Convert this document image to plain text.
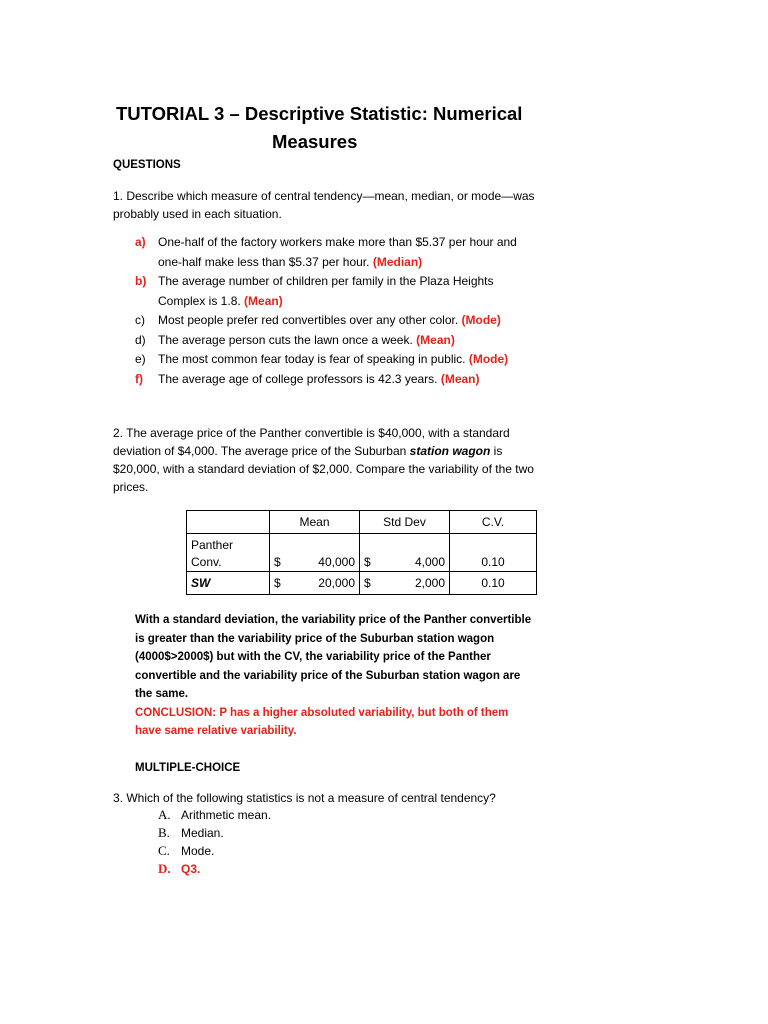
TUTORIAL 3 – Descriptive Statistic: Numerical
Measures
QUESTIONS
1. Describe which measure of central tendency—mean, median, or mode—was probably used in each situation.
a)	One-half of the factory workers make more than $5.37 per hour and one-half make less than $5.37 per hour. (Median)
b) The average number of children per family in the Plaza Heights Complex is 1.8. (Mean)
c)	Most people prefer red convertibles over any other color. (Mode)
d)	The average person cuts the lawn once a week. (Mean)
e)	The most common fear today is fear of speaking in public. (Mode)
f)	The average age of college professors is 42.3 years. (Mean)
2. The average price of the Panther convertible is $40,000, with a standard deviation of $4,000. The average price of the Suburban station wagon is $20,000, with a standard deviation of $2,000. Compare the variability of the two prices.
	Mean	Std Dev	C.V.
Panther Conv.	$ 40,000	$ 4,000	0.10
SW	$ 20,000	$ 2,000	0.10
With a standard deviation, the variability price of the Panther convertible is greater than the variability price of the Suburban station wagon (4000$>2000$) but with the CV, the variability price of the Panther convertible and the variability price of the Suburban station wagon are the same.
CONCLUSION: P has a higher absoluted variability, but both of them have same relative variability.
MULTIPLE-CHOICE
3. Which of the following statistics is not a measure of central tendency?
A. Arithmetic mean.
B. Median.
C. Mode.
D. Q3.
